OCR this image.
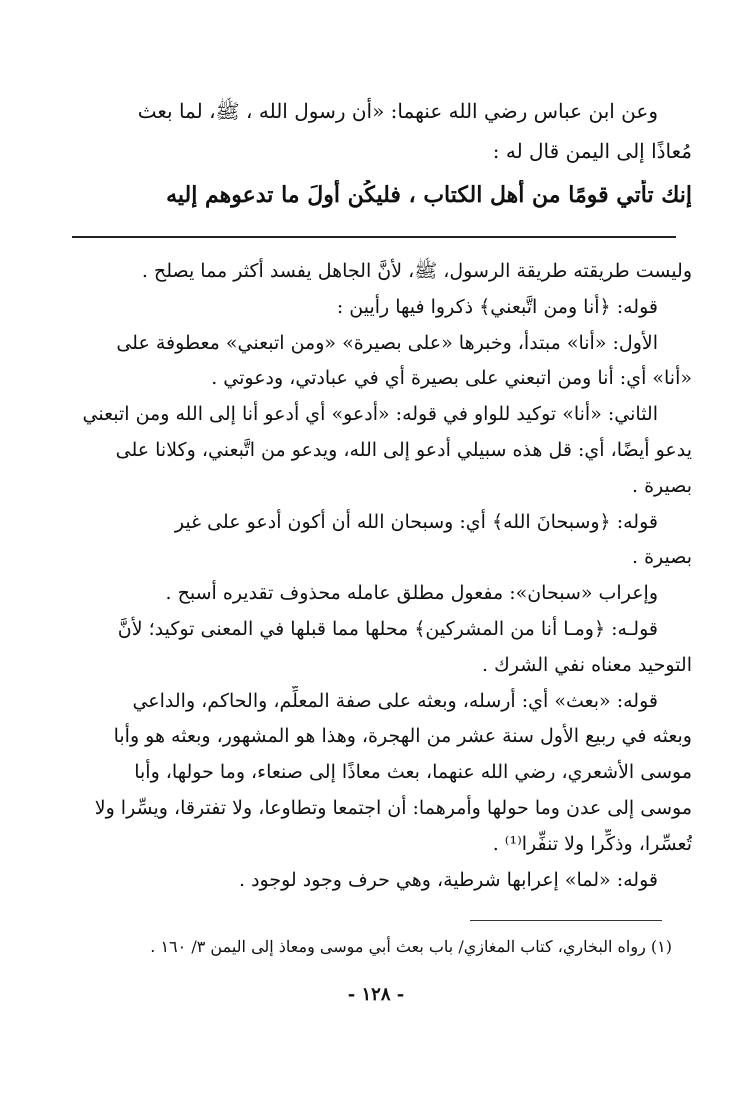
وعن ابن عباس رضي الله عنهما: «أن رسول الله ، ﷺ، لما بعث
مُعاذًا إلى اليمن قال له :
إنك تأتي قومًا من أهل الكتاب ، فليكُن أولَ ما تدعوهم إليه
وليست طريقته طريقة الرسول، ﷺ، لأنَّ الجاهل يفسد أكثر مما يصلح .
قوله: ﴿أنا ومن اتَّبعني﴾ ذكروا فيها رأيين :
الأول: «أنا» مبتدأ، وخبرها «على بصيرة» «ومن اتبعني» معطوفة على
«أنا» أي: أنا ومن اتبعني على بصيرة أي في عبادتي، ودعوتي .
الثاني: «أنا» توكيد للواو في قوله: «أدعو» أي أدعو أنا إلى الله ومن اتبعني
يدعو أيضًا، أي: قل هذه سبيلي أدعو إلى الله، ويدعو من اتَّبعني، وكلانا على
بصيرة .
قوله: ﴿وسبحانَ الله﴾ أي: وسبحان الله أن أكون أدعو على غير
بصيرة .
وإعراب «سبحان»: مفعول مطلق عامله محذوف تقديره أسبح .
قولـه: ﴿ومـا أنا من المشركين﴾ محلها مما قبلها في المعنى توكيد؛ لأنَّ
التوحيد معناه نفي الشرك .
قوله: «بعث» أي: أرسله، وبعثه على صفة المعلِّم، والحاكم، والداعي
وبعثه في ربيع الأول سنة عشر من الهجرة، وهذا هو المشهور، وبعثه هو وأبا
موسى الأشعري، رضي الله عنهما، بعث معاذًا إلى صنعاء، وما حولها، وأبا
موسى إلى عدن وما حولها وأمرهما: أن اجتمعا وتطاوعا، ولا تفترقا، ويسِّرا ولا
تُعسِّرا، وذكِّرا ولا تنفِّرا⁽¹⁾ .
قوله: «لما» إعرابها شرطية، وهي حرف وجود لوجود .
(١) رواه البخاري، كتاب المغازي/ باب بعث أبي موسى ومعاذ إلى اليمن ٣/ ١٦٠ .
- ١٢٨ -
